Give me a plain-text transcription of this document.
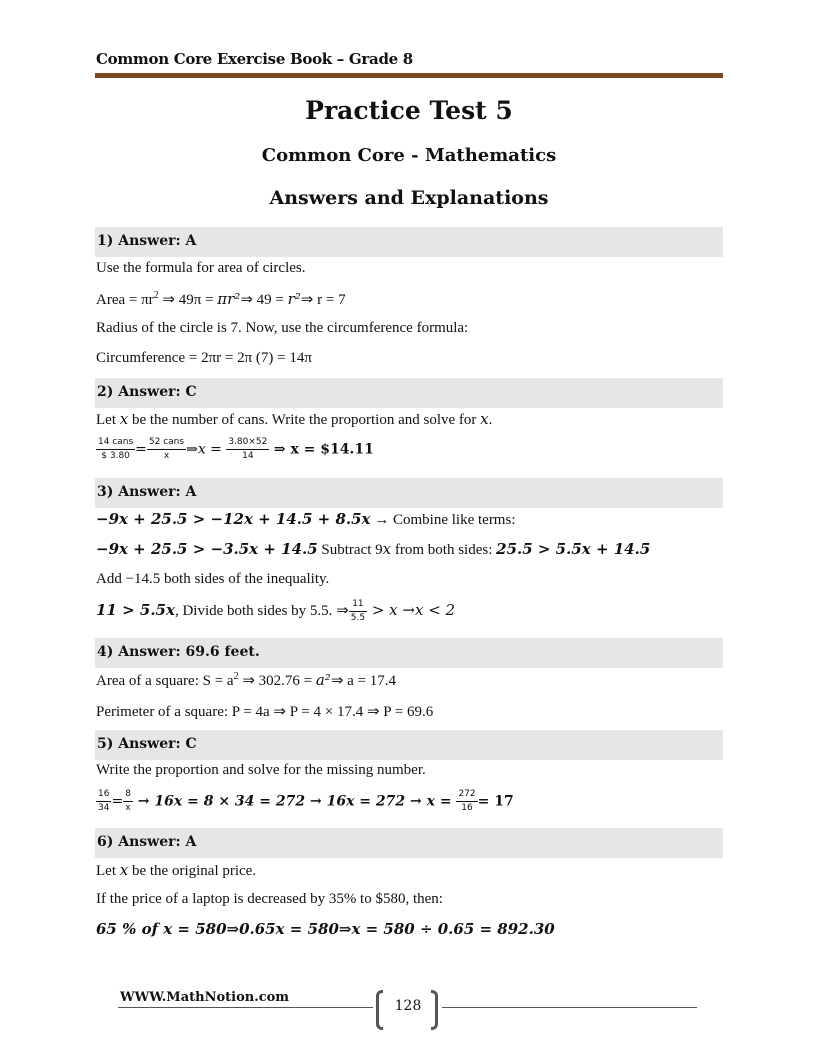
Common Core Exercise Book – Grade 8
Practice Test 5
Common Core - Mathematics
Answers and Explanations
1) Answer: A
Use the formula for area of circles.
Area = $\pi r^2$ ⇒ 49π = πr²⇒ 49 = r²⇒ r = 7
Radius of the circle is 7. Now, use the circumference formula:
Circumference = 2πr = 2π (7) = 14π
2) Answer: C
Let x be the number of cans. Write the proportion and solve for x.
$\frac{\text{14 cans}}{\$ 3.80} = \frac{\text{52 cans}}{x}$ ⇒x = $\frac{3.80\times 52}{14}$ ⇒ x = $14.11
3) Answer: A
−9x + 25.5 > −12x + 14.5 + 8.5x → Combine like terms:
−9x + 25.5 > −3.5x + 14.5 Subtract 9x from both sides: 25.5 > 5.5x + 14.5
Add −14.5 both sides of the inequality.
11 > 5.5x, Divide both sides by 5.5. ⇒ $\frac{11}{5.5} > x \to x < 2$
4) Answer: 69.6 feet.
Area of a square: $S = a^2$ ⇒ 302.76 = a²⇒ a = 17.4
Perimeter of a square: P = 4a ⇒ P = 4 × 17.4 ⇒ P = 69.6
5) Answer: C
Write the proportion and solve for the missing number.
$\frac{16}{34} = \frac{8}{x} \to 16x = 8 \times 34 = 272 \to 16x = 272 \to x = \frac{272}{16} = 17$
6) Answer: A
Let x be the original price.
If the price of a laptop is decreased by 35% to $580, then:
65 % of x = 580⇒0.65x = 580⇒x = 580 ÷ 0.65 = 892.30
WWW.MathNotion.com
128
